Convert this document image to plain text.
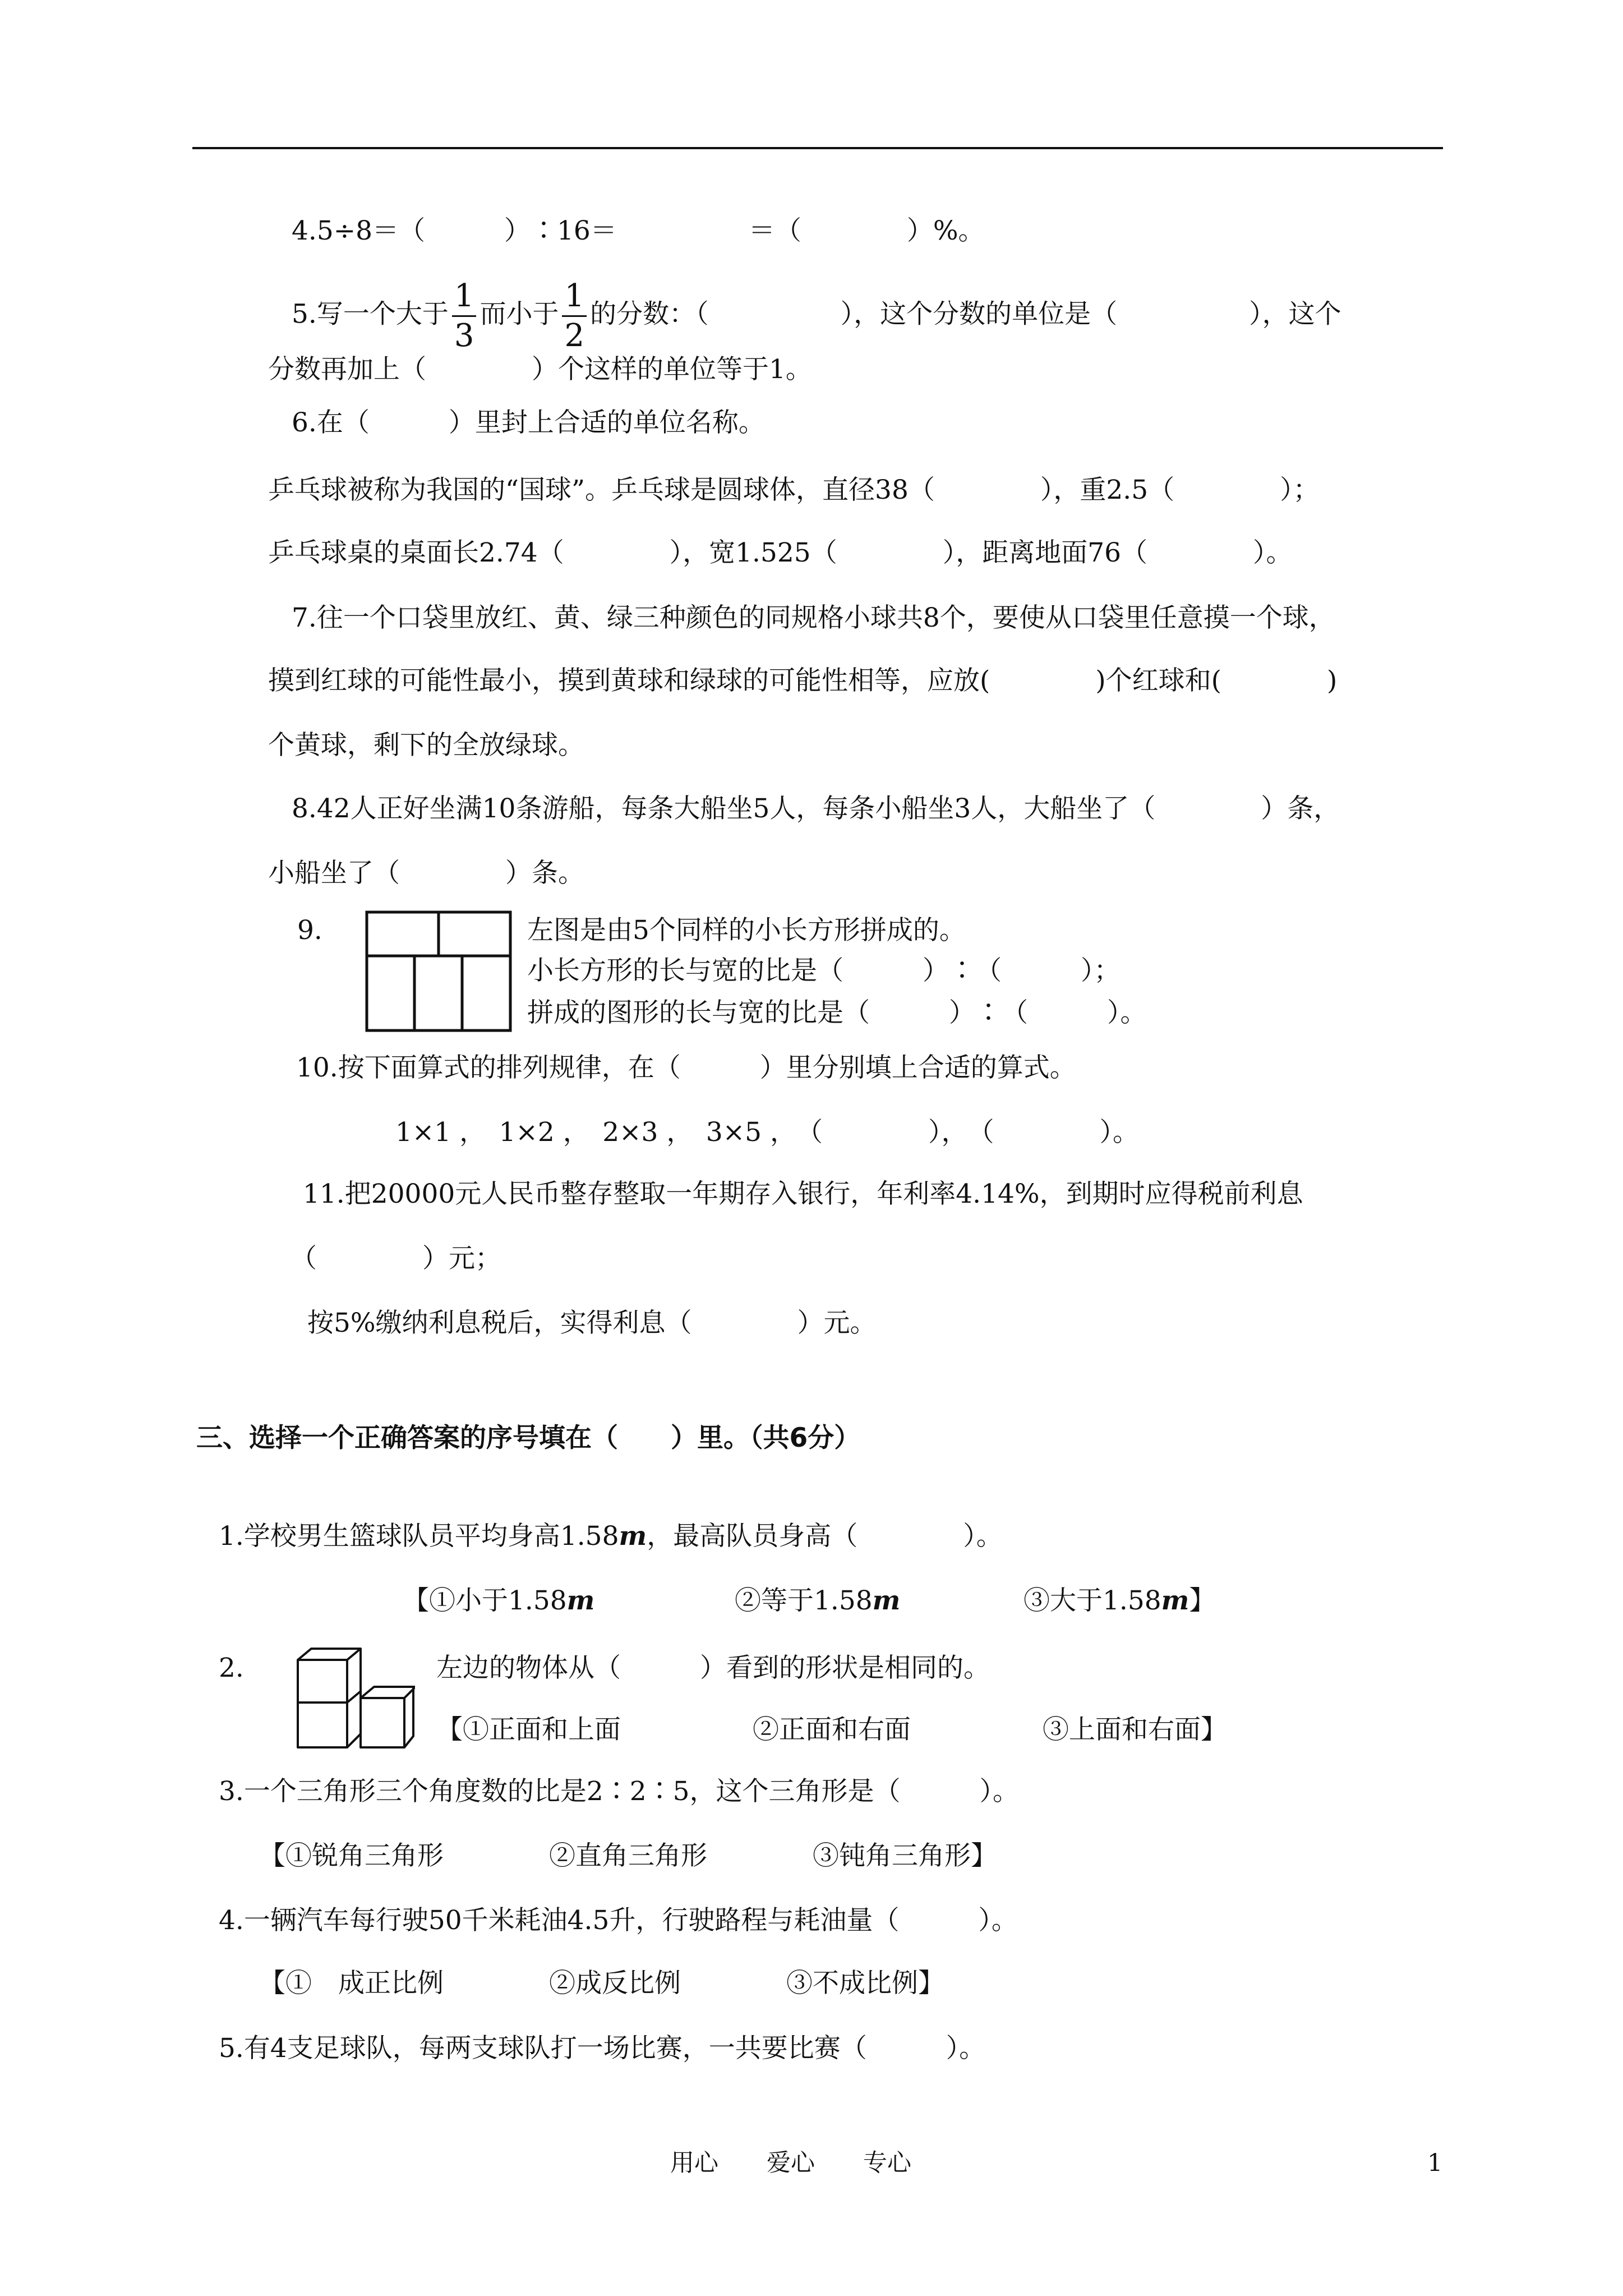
4.5÷8＝（　　　）∶16＝　　　　　＝（　　　　）%。
5.写一个大于 $\frac{1}{3}$ 而小于 $\frac{1}{2}$ 的分数：（　　　　　），这个分数的单位是（　　　　　），这个
分数再加上（　　　　）个这样的单位等于1。
6.在（　　　）里封上合适的单位名称。
乒乓球被称为我国的“国球”。乒乓球是圆球体，直径38（　　　　），重2.5（　　　　）；
乒乓球桌的桌面长2.74（　　　　），宽1.525（　　　　），距离地面76（　　　　）。
7.往一个口袋里放红、黄、绿三种颜色的同规格小球共8个，要使从口袋里任意摸一个球，
摸到红球的可能性最小，摸到黄球和绿球的可能性相等，应放(　　　　)个红球和(　　　　)
个黄球，剩下的全放绿球。
8.42人正好坐满10条游船，每条大船坐5人，每条小船坐3人，大船坐了（　　　　）条，
小船坐了（　　　　）条。
9.	左图是由5个同样的小长方形拼成的。
小长方形的长与宽的比是（　　　）∶（　　　）；
拼成的图形的长与宽的比是（　　　）∶（　　　）。
10.按下面算式的排列规律，在（　　　）里分别填上合适的算式。
1×1 ，　1×2 ，　2×3 ，　3×5 ，　（　　　　），　（　　　　）。
11.把20000元人民币整存整取一年期存入银行，年利率4.14%，到期时应得税前利息
（　　　　）元；
按5%缴纳利息税后，实得利息（　　　　）元。
三、选择一个正确答案的序号填在（　　）里。（共6分）
1.学校男生篮球队员平均身高1.58m，最高队员身高（　　　　）。
【①小于1.58m	②等于1.58m	③大于1.58m】
2.	左边的物体从（　　　）看到的形状是相同的。
【①正面和上面　　　　　②正面和右面　　　　　③上面和右面】
3.一个三角形三个角度数的比是2∶2∶5，这个三角形是（　　　）。
【①锐角三角形　　　　②直角三角形　　　　③钝角三角形】
4.一辆汽车每行驶50千米耗油4.5升，行驶路程与耗油量（　　　）。
【①　成正比例　　　　②成反比例　　　　③不成比例】
5.有4支足球队，每两支球队打一场比赛，一共要比赛（　　　）。
用心　　爱心　　专心	1
